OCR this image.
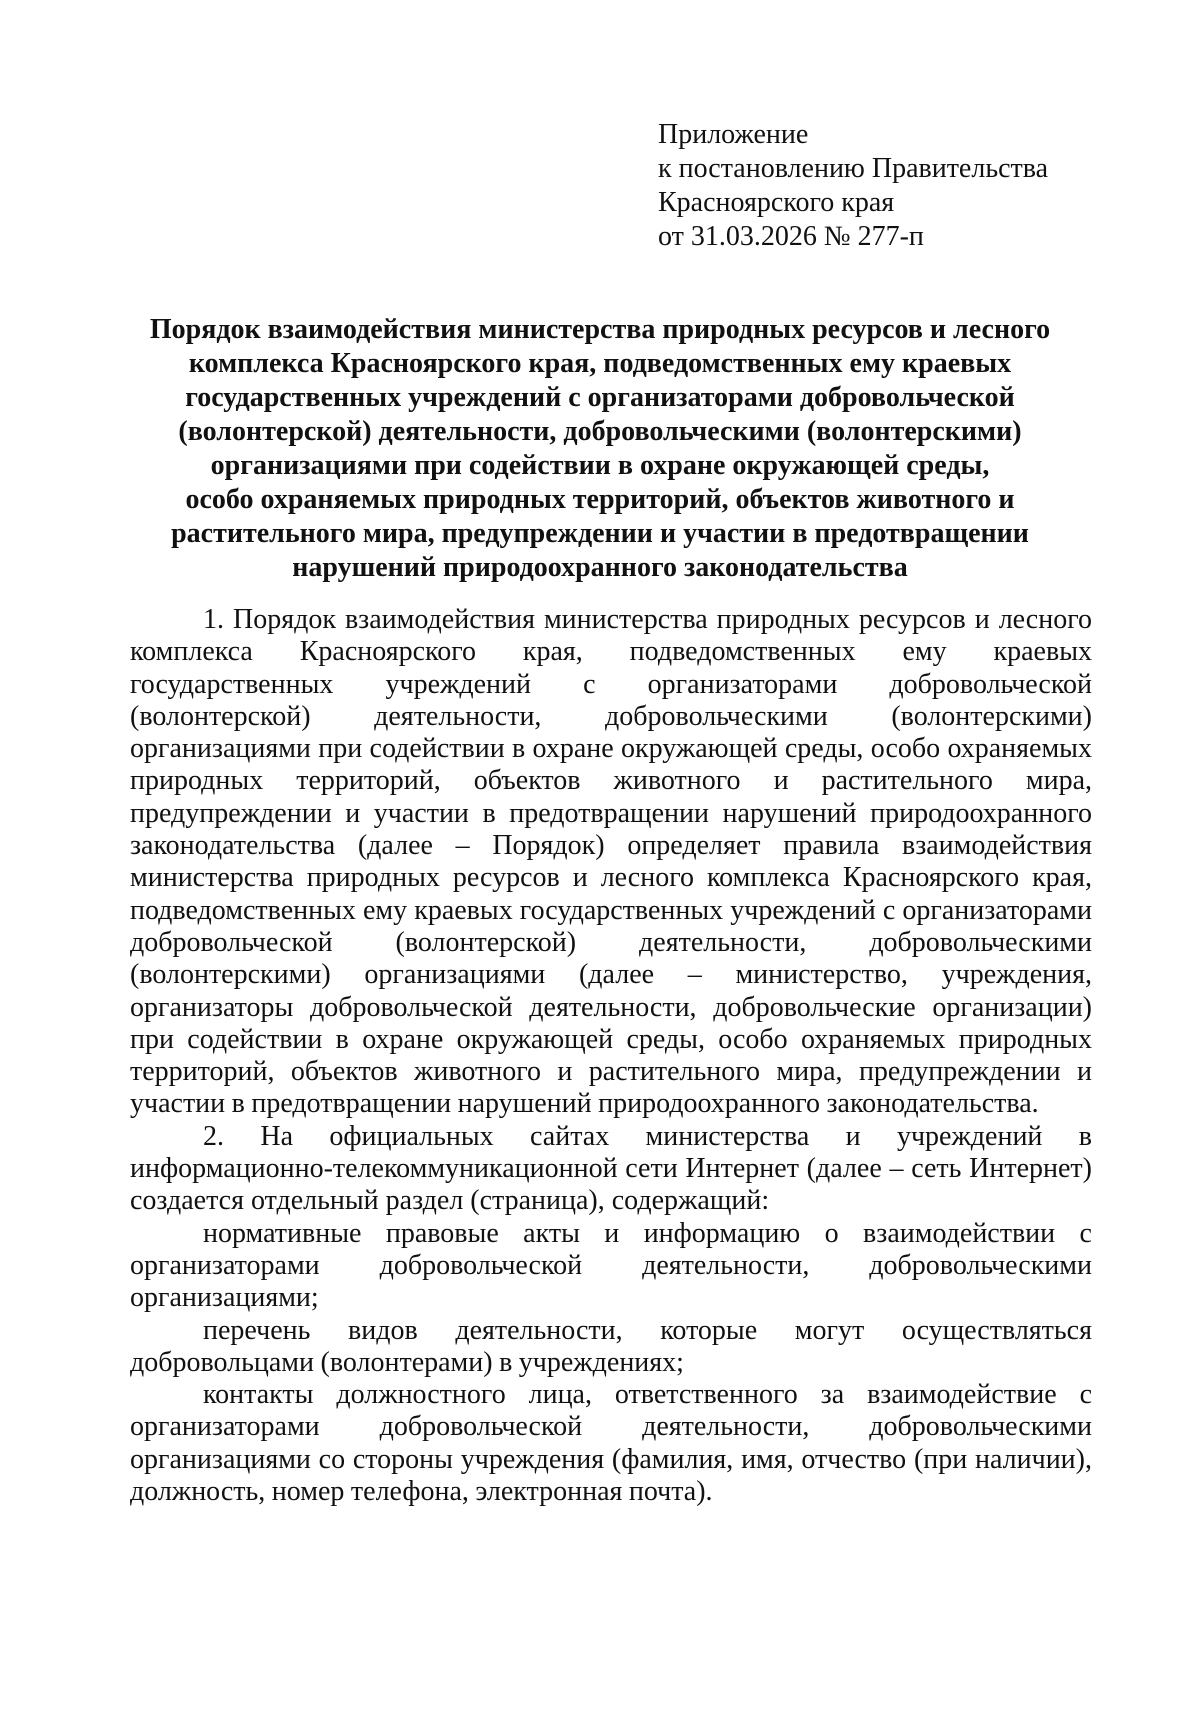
Приложение
к постановлению Правительства
Красноярского края
от 31.03.2026 № 277-п
Порядок взаимодействия министерства природных ресурсов и лесного
комплекса Красноярского края, подведомственных ему краевых
государственных учреждений с организаторами добровольческой
(волонтерской) деятельности, добровольческими (волонтерскими)
организациями при содействии в охране окружающей среды,
особо охраняемых природных территорий, объектов животного и
растительного мира, предупреждении и участии в предотвращении
нарушений природоохранного законодательства

1. Порядок взаимодействия министерства природных ресурсов и лесного комплекса Красноярского края, подведомственных ему краевых государственных учреждений с организаторами добровольческой (волонтерской) деятельности, добровольческими (волонтерскими) организациями при содействии в охране окружающей среды, особо охраняемых природных территорий, объектов животного и растительного мира, предупреждении и участии в предотвращении нарушений природоохранного законодательства (далее – Порядок) определяет правила взаимодействия министерства природных ресурсов и лесного комплекса Красноярского края, подведомственных ему краевых государственных учреждений с организаторами добровольческой (волонтерской) деятельности, добровольческими (волонтерскими) организациями (далее – министерство, учреждения, организаторы добровольческой деятельности, добровольческие организации) при содействии в охране окружающей среды, особо охраняемых природных территорий, объектов животного и растительного мира, предупреждении и участии в предотвращении нарушений природоохранного законодательства.

2. На официальных сайтах министерства и учреждений в информационно-телекоммуникационной сети Интернет (далее – сеть Интернет) создается отдельный раздел (страница), содержащий:

нормативные правовые акты и информацию о взаимодействии с организаторами добровольческой деятельности, добровольческими организациями;

перечень видов деятельности, которые могут осуществляться добровольцами (волонтерами) в учреждениях;

контакты должностного лица, ответственного за взаимодействие с организаторами добровольческой деятельности, добровольческими организациями со стороны учреждения (фамилия, имя, отчество (при наличии), должность, номер телефона, электронная почта).
